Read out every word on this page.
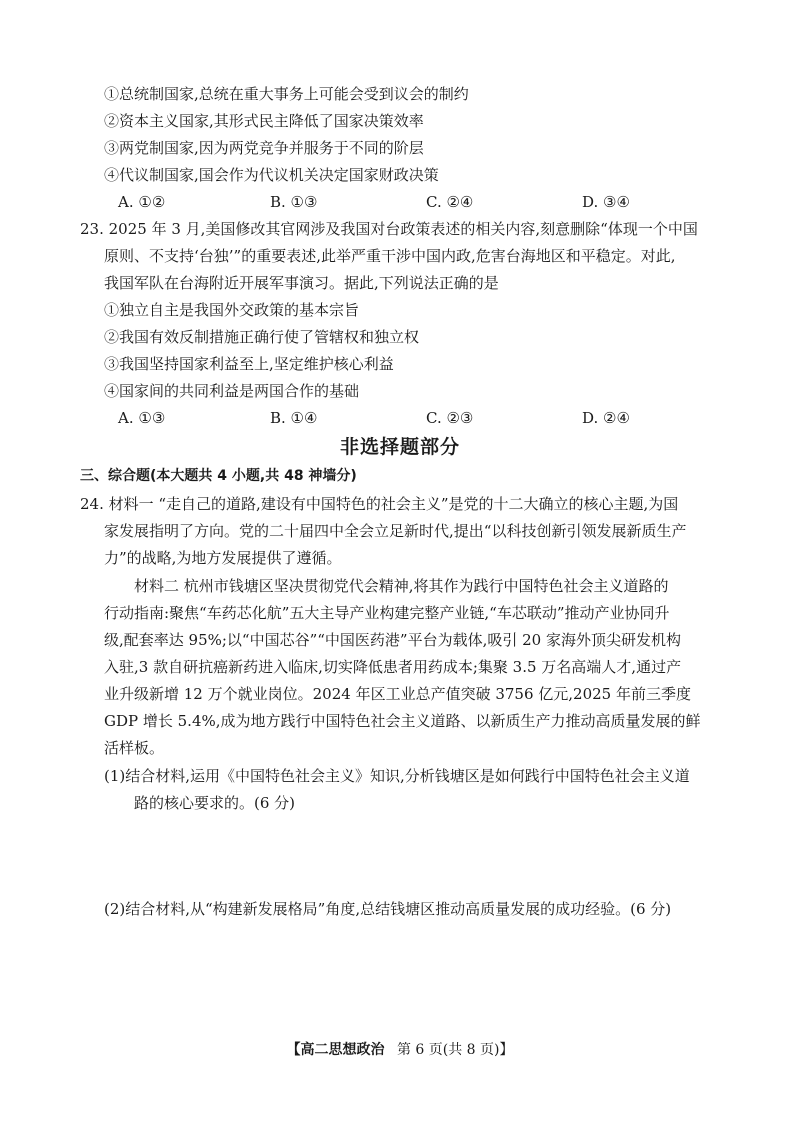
①总统制国家,总统在重大事务上可能会受到议会的制约
②资本主义国家,其形式民主降低了国家决策效率
③两党制国家,因为两党竞争并服务于不同的阶层
④代议制国家,国会作为代议机关决定国家财政决策
A. ①②	B. ①③	C. ②④	D. ③④
23. 2025 年 3 月,美国修改其官网涉及我国对台政策表述的相关内容,刻意删除“体现一个中国
原则、不支持‘台独’”的重要表述,此举严重干涉中国内政,危害台海地区和平稳定。对此,
我国军队在台海附近开展军事演习。据此,下列说法正确的是
①独立自主是我国外交政策的基本宗旨
②我国有效反制措施正确行使了管辖权和独立权
③我国坚持国家利益至上,坚定维护核心利益
④国家间的共同利益是两国合作的基础
A. ①③	B. ①④	C. ②③	D. ②④
非选择题部分
三、综合题(本大题共 4 小题,共 48 神墙分)
24. 材料一 “走自己的道路,建设有中国特色的社会主义”是党的十二大确立的核心主题,为国
家发展指明了方向。党的二十届四中全会立足新时代,提出“以科技创新引领发展新质生产
力”的战略,为地方发展提供了遵循。
材料二 杭州市钱塘区坚决贯彻党代会精神,将其作为践行中国特色社会主义道路的
行动指南:聚焦“车药芯化航”五大主导产业构建完整产业链,“车芯联动”推动产业协同升
级,配套率达 95%;以“中国芯谷”“中国医药港”平台为载体,吸引 20 家海外顶尖研发机构
入驻,3 款自研抗癌新药进入临床,切实降低患者用药成本;集聚 3.5 万名高端人才,通过产
业升级新增 12 万个就业岗位。2024 年区工业总产值突破 3756 亿元,2025 年前三季度
GDP 增长 5.4%,成为地方践行中国特色社会主义道路、以新质生产力推动高质量发展的鲜
活样板。
(1)结合材料,运用《中国特色社会主义》知识,分析钱塘区是如何践行中国特色社会主义道
路的核心要求的。(6 分)
(2)结合材料,从“构建新发展格局”角度,总结钱塘区推动高质量发展的成功经验。(6 分)
【高二思想政治 第 6 页(共 8 页)】
